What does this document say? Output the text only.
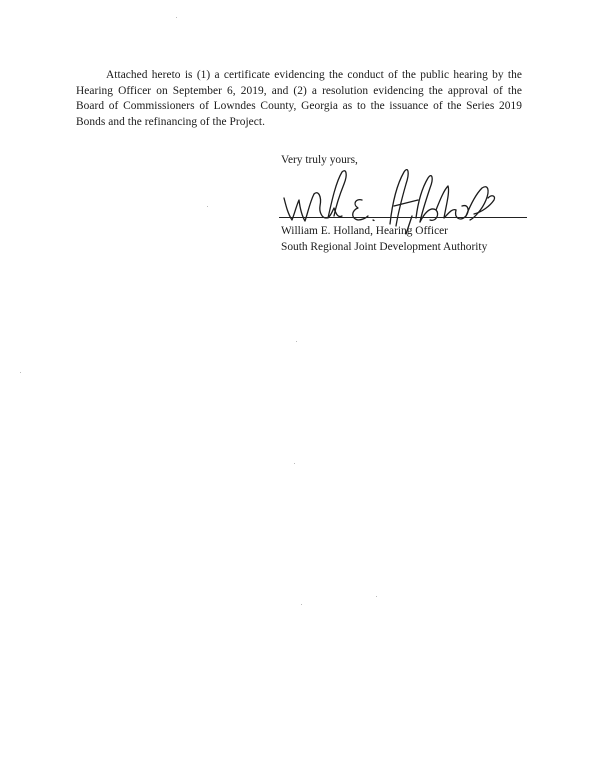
Attached hereto is (1) a certificate evidencing the conduct of the public hearing by the Hearing Officer on September 6, 2019, and (2) a resolution evidencing the approval of the Board of Commissioners of Lowndes County, Georgia as to the issuance of the Series 2019 Bonds and the refinancing of the Project.

Very truly yours,

William E. Holland, Hearing Officer

South Regional Joint Development Authority
